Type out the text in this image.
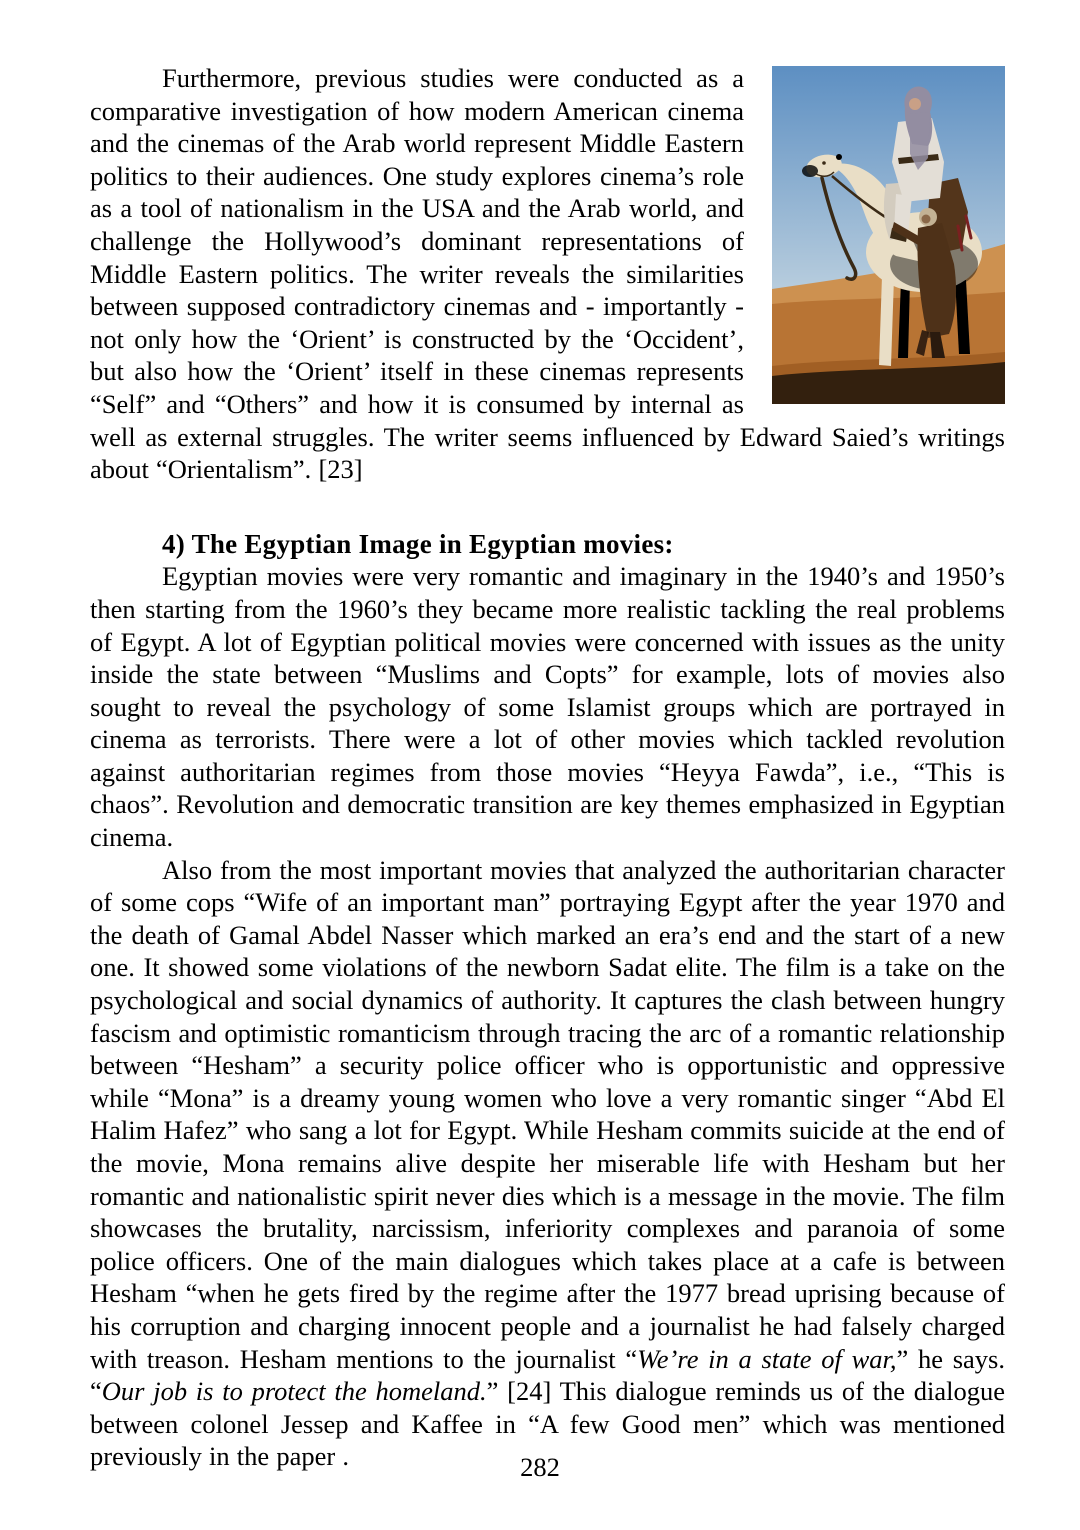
Furthermore, previous studies were conducted as a comparative investigation of how modern American cinema and the cinemas of the Arab world represent Middle Eastern politics to their audiences. One study explores cinema’s role as a tool of nationalism in the USA and the Arab world, and challenge the Hollywood’s dominant representations of Middle Eastern politics. The writer reveals the similarities between supposed contradictory cinemas and - importantly - not only how the ‘Orient’ is constructed by the ‘Occident’, but also how the ‘Orient’ itself in these cinemas represents “Self” and “Others” and how it is consumed by internal as well as external struggles. The writer seems influenced by Edward Saied’s writings about “Orientalism”. [23]

4) The Egyptian Image in Egyptian movies:

Egyptian movies were very romantic and imaginary in the 1940’s and 1950’s then starting from the 1960’s they became more realistic tackling the real problems of Egypt. A lot of Egyptian political movies were concerned with issues as the unity inside the state between “Muslims and Copts” for example, lots of movies also sought to reveal the psychology of some Islamist groups which are portrayed in cinema as terrorists. There were a lot of other movies which tackled revolution against authoritarian regimes from those movies “Heyya Fawda”, i.e., “This is chaos”. Revolution and democratic transition are key themes emphasized in Egyptian cinema.

Also from the most important movies that analyzed the authoritarian character of some cops “Wife of an important man” portraying Egypt after the year 1970 and the death of Gamal Abdel Nasser which marked an era’s end and the start of a new one. It showed some violations of the newborn Sadat elite. The film is a take on the psychological and social dynamics of authority. It captures the clash between hungry fascism and optimistic romanticism through tracing the arc of a romantic relationship between “Hesham” a security police officer who is opportunistic and oppressive while “Mona” is a dreamy young women who love a very romantic singer “Abd El Halim Hafez” who sang a lot for Egypt. While Hesham commits suicide at the end of the movie, Mona remains alive despite her miserable life with Hesham but her romantic and nationalistic spirit never dies which is a message in the movie. The film showcases the brutality, narcissism, inferiority complexes and paranoia of some police officers. One of the main dialogues which takes place at a cafe is between Hesham “when he gets fired by the regime after the 1977 bread uprising because of his corruption and charging innocent people and a journalist he had falsely charged with treason. Hesham mentions to the journalist “We’re in a state of war,” he says. “Our job is to protect the homeland.” [24] This dialogue reminds us of the dialogue between colonel Jessep and Kaffee in “A few Good men” which was mentioned previously in the paper .	282
